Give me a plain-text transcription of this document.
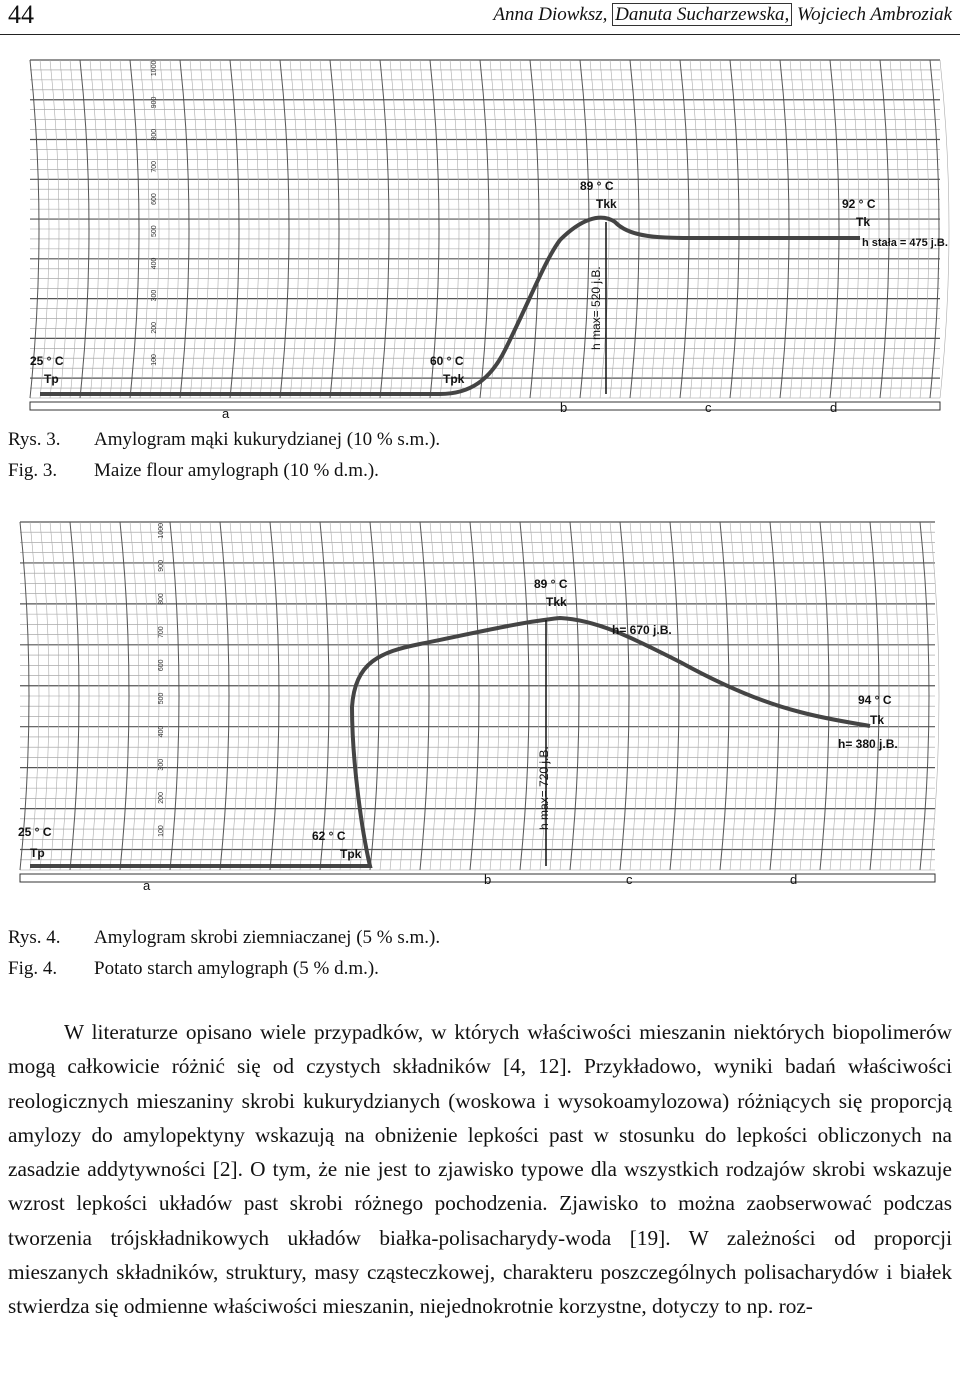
44	Anna Diowksz, Danuta Sucharzewska, Wojciech Ambroziak
25 ° C
Tp
60 ° C
Tpk
89 ° C
Tkk	92 ° C
Tk
h stała = 475 j.B.
h max= 520 j.B.
a	b	c	d
100
200
300
400
500
600
700
800
900
1000
Rys. 3. Amylogram mąki kukurydzianej (10 % s.m.).
Fig. 3. Maize flour amylograph (10 % d.m.).
25 ° C
Tp
62 ° C
Tpk
89 ° C
Tkk
h= 670 j.B.
94 ° C
Tk
h= 380 j.B.
h max= 720 j.B.
a	b	c	d
100
200
300
400
500
600
700
800
900
1000
Rys. 4. Amylogram skrobi ziemniaczanej (5 % s.m.).
Fig. 4. Potato starch amylograph (5 % d.m.).

W literaturze opisano wiele przypadków, w których właściwości mieszanin niektórych biopolimerów mogą całkowicie różnić się od czystych składników [4, 12]. Przykładowo, wyniki badań właściwości reologicznych mieszaniny skrobi kukurydzianych (woskowa i wysokoamylozowa) różniących się proporcją amylozy do amylopektyny wskazują na obniżenie lepkości past w stosunku do lepkości obliczonych na zasadzie addytywności [2]. O tym, że nie jest to zjawisko typowe dla wszystkich rodzajów skrobi wskazuje wzrost lepkości układów past skrobi różnego pochodzenia. Zjawisko to można zaobserwować podczas tworzenia trójskładnikowych układów białka-polisacharydy-woda [19]. W zależności od proporcji mieszanych składników, struktury, masy cząsteczkowej, charakteru poszczególnych polisacharydów i białek stwierdza się odmienne właściwości mieszanin, niejednokrotnie korzystne, dotyczy to np. roz-
